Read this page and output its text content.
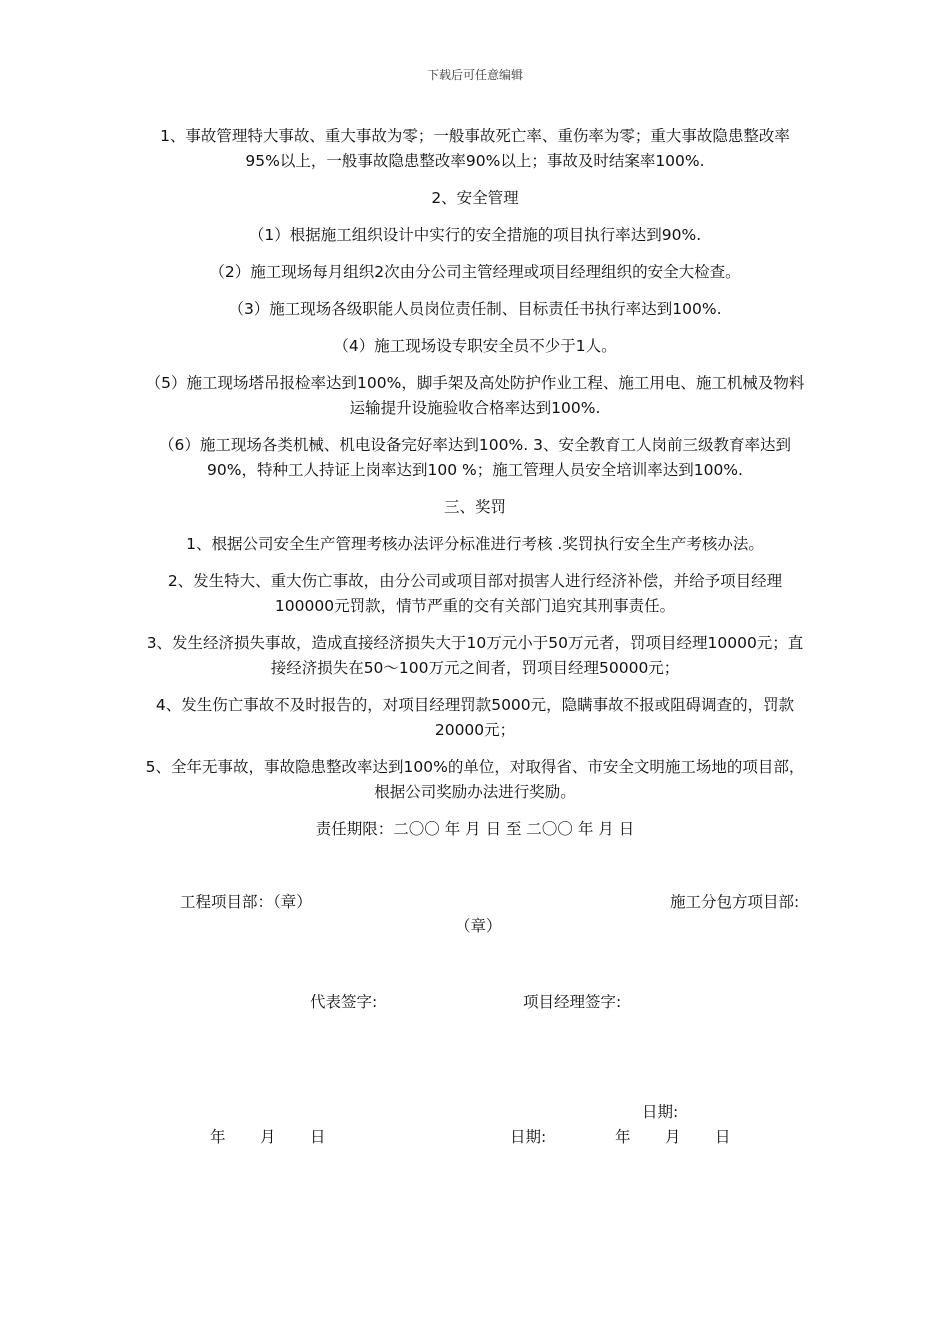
下载后可任意编辑

1、事故管理特大事故、重大事故为零；一般事故死亡率、重伤率为零；重大事故隐患整改率95%以上，一般事故隐患整改率90%以上；事故及时结案率100%.

2、安全管理

（1）根据施工组织设计中实行的安全措施的项目执行率达到90%.

（2）施工现场每月组织2次由分公司主管经理或项目经理组织的安全大检查。

（3）施工现场各级职能人员岗位责任制、目标责任书执行率达到100%.

（4）施工现场设专职安全员不少于1人。

（5）施工现场塔吊报检率达到100%，脚手架及高处防护作业工程、施工用电、施工机械及物料运输提升设施验收合格率达到100%.

（6）施工现场各类机械、机电设备完好率达到100%. 3、安全教育工人岗前三级教育率达到90%，特种工人持证上岗率达到100 %；施工管理人员安全培训率达到100%.

三、奖罚

1、根据公司安全生产管理考核办法评分标准进行考核 .奖罚执行安全生产考核办法。

2、发生特大、重大伤亡事故，由分公司或项目部对损害人进行经济补偿，并给予项目经理100000元罚款，情节严重的交有关部门追究其刑事责任。

3、发生经济损失事故，造成直接经济损失大于10万元小于50万元者，罚项目经理10000元；直接经济损失在50～100万元之间者，罚项目经理50000元；

4、发生伤亡事故不及时报告的，对项目经理罚款5000元，隐瞒事故不报或阻碍调查的，罚款20000元；

5、全年无事故，事故隐患整改率达到100%的单位，对取得省、市安全文明施工场地的项目部，根据公司奖励办法进行奖励。

责任期限：二〇〇 年 月 日 至 二〇〇 年 月 日

工程项目部：（章）	施工分包方项目部:
（章）
代表签字:	项目经理签字:
日期:
年       月       日	日期:	年       月       日
